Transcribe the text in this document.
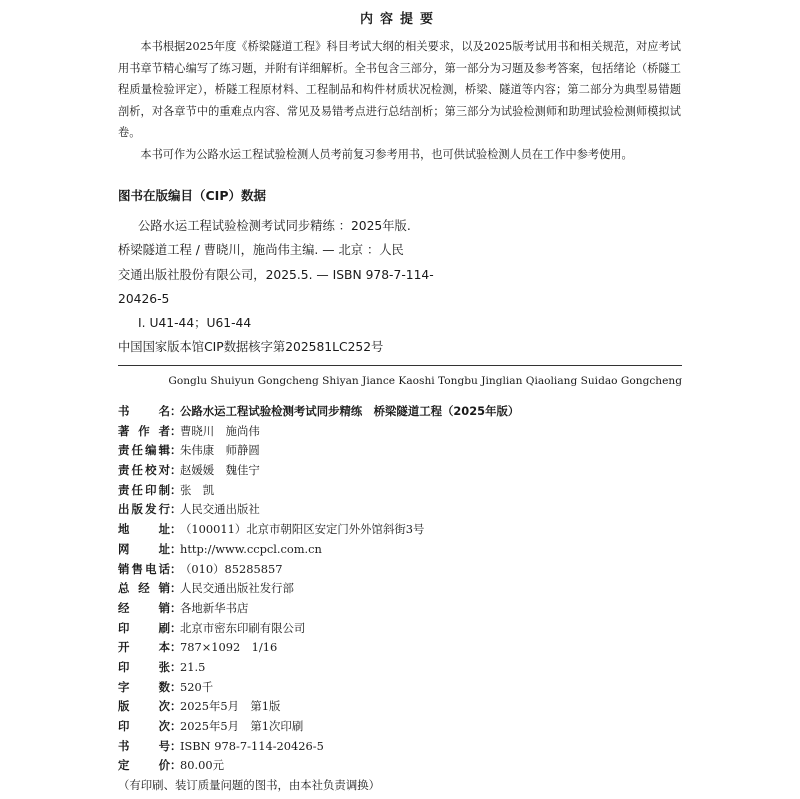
内容提要

本书根据2025年度《桥梁隧道工程》科目考试大纲的相关要求，以及2025版考试用书和相关规范，对应考试用书章节精心编写了练习题，并附有详细解析。全书包含三部分，第一部分为习题及参考答案，包括绪论（桥隧工程质量检验评定），桥隧工程原材料、工程制品和构件材质状况检测，桥梁、隧道等内容；第二部分为典型易错题剖析，对各章节中的重难点内容、常见及易错考点进行总结剖析；第三部分为试验检测师和助理试验检测师模拟试卷。

本书可作为公路水运工程试验检测人员考前复习参考用书，也可供试验检测人员在工作中参考使用。

图书在版编目（CIP）数据
公路水运工程试验检测考试同步精练 ：2025年版.
桥梁隧道工程 / 曹晓川，施尚伟主编. — 北京 ：人民
交通出版社股份有限公司，2025.5. — ISBN 978-7-114-
20426-5
Ⅰ. U41-44；U61-44
中国国家版本馆CIP数据核字第202581LC252号
Gonglu Shuiyun Gongcheng Shiyan Jiance Kaoshi Tongbu Jinglian Qiaoliang Suidao Gongcheng
书名 ：
公路水运工程试验检测考试同步精练　桥梁隧道工程（2025年版）
著作者 ：
曹晓川　施尚伟
责任编辑 ：
朱伟康　师静圆
责任校对 ：
赵媛媛　魏佳宁
责任印制 ：
张　凯
出版发行 ：
人民交通出版社
地址 ：
（100011）北京市朝阳区安定门外外馆斜街3号
网址 ：
http://www.ccpcl.com.cn
销售电话 ：
（010）85285857
总经销 ：
人民交通出版社发行部
经销 ：
各地新华书店
印刷 ：
北京市密东印刷有限公司
开本 ：
787×1092　1/16
印张 ：
21.5
字数 ：
520千
版次 ：
2025年5月　第1版
印次 ：
2025年5月　第1次印刷
书号 ：
ISBN 978-7-114-20426-5
定价 ：
80.00元
（有印刷、装订质量问题的图书，由本社负责调换）
